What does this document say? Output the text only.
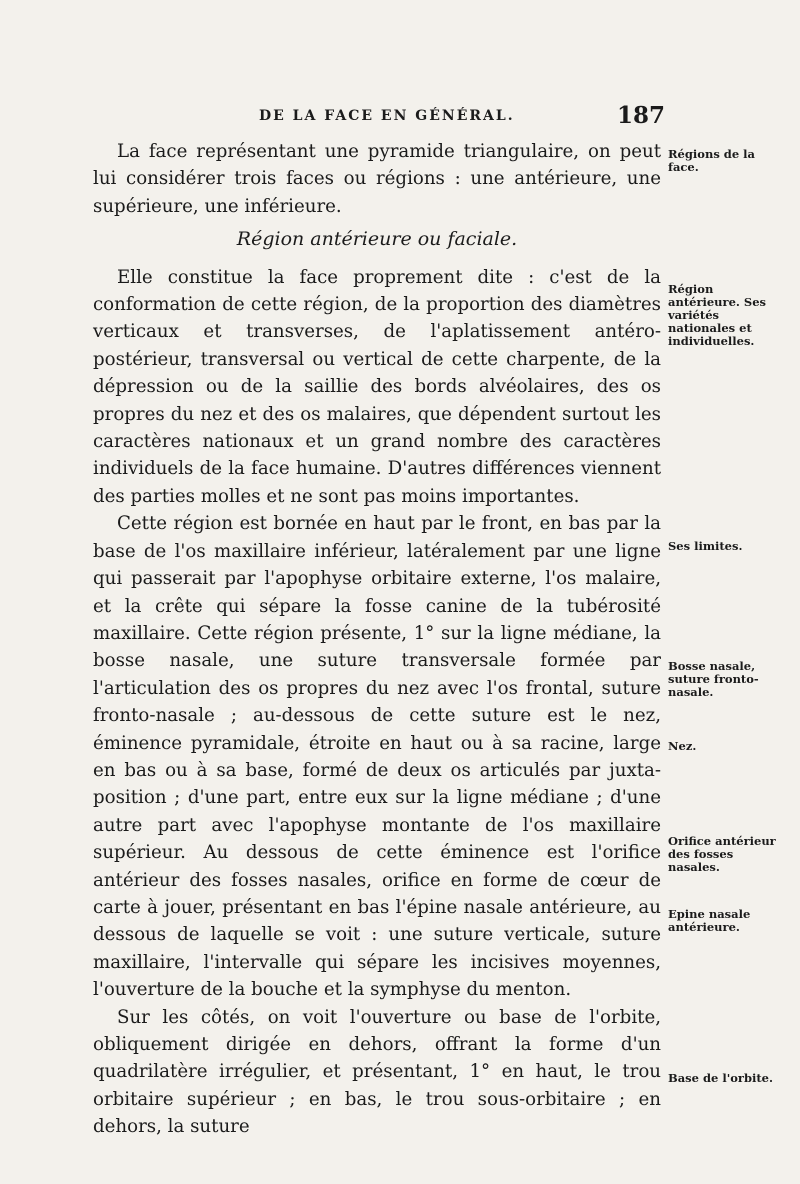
DE LA FACE EN GÉNÉRAL.	187

La face représentant une pyramide triangulaire, on peut lui considérer trois faces ou régions : une antérieure, une supérieure, une inférieure.

Région antérieure ou faciale.

Elle constitue la face proprement dite : c'est de la conformation de cette région, de la proportion des diamètres verticaux et transverses, de l'aplatissement antéro-postérieur, transversal ou vertical de cette charpente, de la dépression ou de la saillie des bords alvéolaires, des os propres du nez et des os malaires, que dépendent surtout les caractères nationaux et un grand nombre des caractères individuels de la face humaine. D'autres différences viennent des parties molles et ne sont pas moins importantes.

Cette région est bornée en haut par le front, en bas par la base de l'os maxillaire inférieur, latéralement par une ligne qui passerait par l'apophyse orbitaire externe, l'os malaire, et la crête qui sépare la fosse canine de la tubérosité maxillaire. Cette région présente, 1° sur la ligne médiane, la bosse nasale, une suture transversale formée par l'articulation des os propres du nez avec l'os frontal, suture fronto-nasale ; au-dessous de cette suture est le nez, éminence pyramidale, étroite en haut ou à sa racine, large en bas ou à sa base, formé de deux os articulés par juxta-position ; d'une part, entre eux sur la ligne médiane ; d'une autre part avec l'apophyse montante de l'os maxillaire supérieur. Au dessous de cette éminence est l'orifice antérieur des fosses nasales, orifice en forme de cœur de carte à jouer, présentant en bas l'épine nasale antérieure, au dessous de laquelle se voit : une suture verticale, suture maxillaire, l'intervalle qui sépare les incisives moyennes, l'ouverture de la bouche et la symphyse du menton.

Sur les côtés, on voit l'ouverture ou base de l'orbite, obliquement dirigée en dehors, offrant la forme d'un quadrilatère irrégulier, et présentant, 1° en haut, le trou orbitaire supérieur ; en bas, le trou sous-orbitaire ; en dehors, la suture

Régions de la face.
Région antérieure. Ses variétés nationales et individuelles.
Ses limites.
Bosse nasale, suture fronto-nasale.
Nez.
Orifice antérieur des fosses nasales.
Epine nasale antérieure.
Base de l'orbite.
